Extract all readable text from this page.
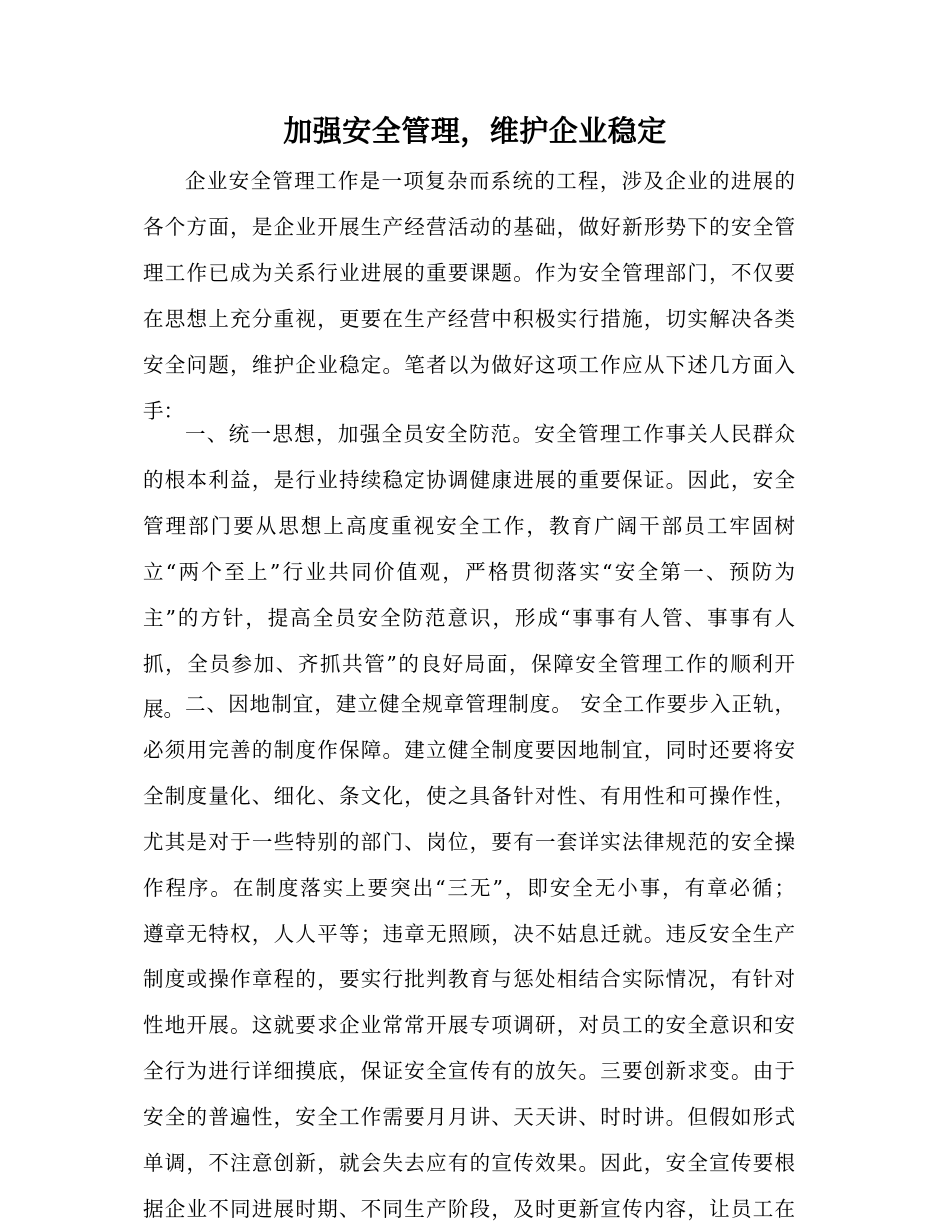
加强安全管理，维护企业稳定
企业安全管理工作是一项复杂而系统的工程，涉及企业的进展的
各个方面，是企业开展生产经营活动的基础，做好新形势下的安全管
理工作已成为关系行业进展的重要课题。作为安全管理部门，不仅要
在思想上充分重视，更要在生产经营中积极实行措施，切实解决各类
安全问题，维护企业稳定。笔者以为做好这项工作应从下述几方面入
手：
一、统一思想，加强全员安全防范。安全管理工作事关人民群众
的根本利益，是行业持续稳定协调健康进展的重要保证。因此，安全
管理部门要从思想上高度重视安全工作，教育广阔干部员工牢固树
立“两个至上”行业共同价值观，严格贯彻落实“安全第一、预防为
主”的方针，提高全员安全防范意识，形成“事事有人管、事事有人
抓，全员参加、齐抓共管”的良好局面，保障安全管理工作的顺利开
展。 二、因地制宜，建立健全规章管理制度。 安全工作要步入正轨，
必须用完善的制度作保障。建立健全制度要因地制宜，同时还要将安
全制度量化、细化、条文化，使之具备针对性、有用性和可操作性，
尤其是对于一些特别的部门、岗位，要有一套详实法律规范的安全操
作程序。在制度落实上要突出“三无”，即安全无小事，有章必循；
遵章无特权，人人平等；违章无照顾，决不姑息迁就。违反安全生产
制度或操作章程的，要实行批判教育与惩处相结合实际情况，有针对
性地开展。这就要求企业常常开展专项调研，对员工的安全意识和安
全行为进行详细摸底，保证安全宣传有的放矢。三要创新求变。由于
安全的普遍性，安全工作需要月月讲、天天讲、时时讲。但假如形式
单调，不注意创新，就会失去应有的宣传效果。因此，安全宣传要根
据企业不同进展时期、不同生产阶段，及时更新宣传内容，让员工在
